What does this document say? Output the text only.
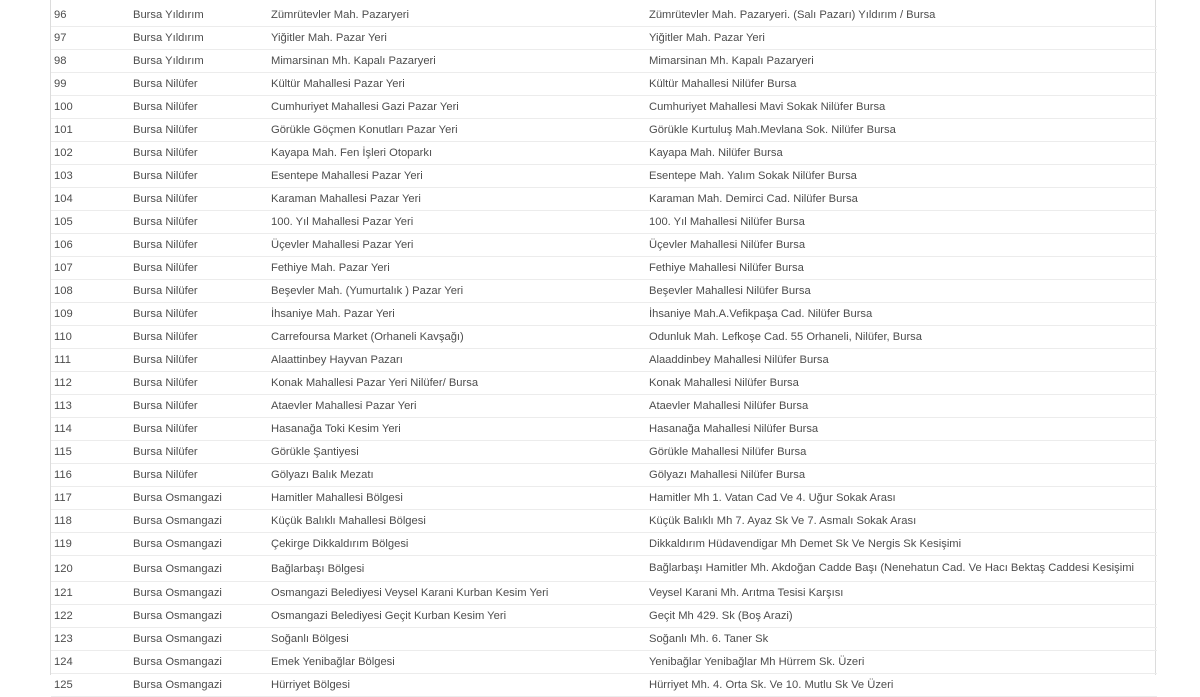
96	Bursa Yıldırım	Zümrütevler Mah. Pazaryeri	Zümrütevler Mah. Pazaryeri. (Salı Pazarı) Yıldırım / Bursa
97	Bursa Yıldırım	Yiğitler Mah. Pazar Yeri	Yiğitler Mah. Pazar Yeri
98	Bursa Yıldırım	Mimarsinan Mh. Kapalı Pazaryeri	Mimarsinan Mh. Kapalı Pazaryeri
99	Bursa Nilüfer	Kültür Mahallesi Pazar Yeri	Kültür Mahallesi Nilüfer Bursa
100	Bursa Nilüfer	Cumhuriyet Mahallesi Gazi Pazar Yeri	Cumhuriyet Mahallesi Mavi Sokak Nilüfer Bursa
101	Bursa Nilüfer	Görükle Göçmen Konutları Pazar Yeri	Görükle Kurtuluş Mah.Mevlana Sok. Nilüfer Bursa
102	Bursa Nilüfer	Kayapa Mah. Fen İşleri Otoparkı	Kayapa Mah. Nilüfer Bursa
103	Bursa Nilüfer	Esentepe Mahallesi Pazar Yeri	Esentepe Mah. Yalım Sokak Nilüfer Bursa
104	Bursa Nilüfer	Karaman Mahallesi Pazar Yeri	Karaman Mah. Demirci Cad. Nilüfer Bursa
105	Bursa Nilüfer	100. Yıl Mahallesi Pazar Yeri	100. Yıl Mahallesi Nilüfer Bursa
106	Bursa Nilüfer	Üçevler Mahallesi Pazar Yeri	Üçevler Mahallesi Nilüfer Bursa
107	Bursa Nilüfer	Fethiye Mah. Pazar Yeri	Fethiye Mahallesi Nilüfer Bursa
108	Bursa Nilüfer	Beşevler Mah. (Yumurtalık ) Pazar Yeri	Beşevler Mahallesi Nilüfer Bursa
109	Bursa Nilüfer	İhsaniye Mah. Pazar Yeri	İhsaniye Mah.A.Vefikpaşa Cad. Nilüfer Bursa
110	Bursa Nilüfer	Carrefoursa Market (Orhaneli Kavşağı)	Odunluk Mah. Lefkoşe Cad. 55 Orhaneli, Nilüfer, Bursa
111	Bursa Nilüfer	Alaattinbey Hayvan Pazarı	Alaaddinbey Mahallesi Nilüfer Bursa
112	Bursa Nilüfer	Konak Mahallesi Pazar Yeri Nilüfer/ Bursa	Konak Mahallesi Nilüfer Bursa
113	Bursa Nilüfer	Ataevler Mahallesi Pazar Yeri	Ataevler Mahallesi Nilüfer Bursa
114	Bursa Nilüfer	Hasanağa Toki Kesim Yeri	Hasanağa Mahallesi Nilüfer Bursa
115	Bursa Nilüfer	Görükle Şantiyesi	Görükle Mahallesi Nilüfer Bursa
116	Bursa Nilüfer	Gölyazı Balık Mezatı	Gölyazı Mahallesi Nilüfer Bursa
117	Bursa Osmangazi	Hamitler Mahallesi Bölgesi	Hamitler Mh 1. Vatan Cad Ve 4. Uğur Sokak Arası
118	Bursa Osmangazi	Küçük Balıklı Mahallesi Bölgesi	Küçük Balıklı Mh 7. Ayaz Sk Ve 7. Asmalı Sokak Arası
119	Bursa Osmangazi	Çekirge Dikkaldırım Bölgesi	Dikkaldırım Hüdavendigar Mh Demet Sk Ve Nergis Sk Kesişimi
120	Bursa Osmangazi	Bağlarbaşı Bölgesi	Bağlarbaşı Hamitler Mh. Akdoğan Cadde Başı (Nenehatun Cad. Ve Hacı Bektaş Caddesi Kesişimi
121	Bursa Osmangazi	Osmangazi Belediyesi Veysel Karani Kurban Kesim Yeri	Veysel Karani Mh. Arıtma Tesisi Karşısı
122	Bursa Osmangazi	Osmangazi Belediyesi Geçit Kurban Kesim Yeri	Geçit Mh 429. Sk (Boş Arazi)
123	Bursa Osmangazi	Soğanlı Bölgesi	Soğanlı Mh. 6. Taner Sk
124	Bursa Osmangazi	Emek Yenibağlar Bölgesi	Yenibağlar Yenibağlar Mh Hürrem Sk. Üzeri
125	Bursa Osmangazi	Hürriyet Bölgesi	Hürriyet Mh. 4. Orta Sk. Ve 10. Mutlu Sk Ve Üzeri
